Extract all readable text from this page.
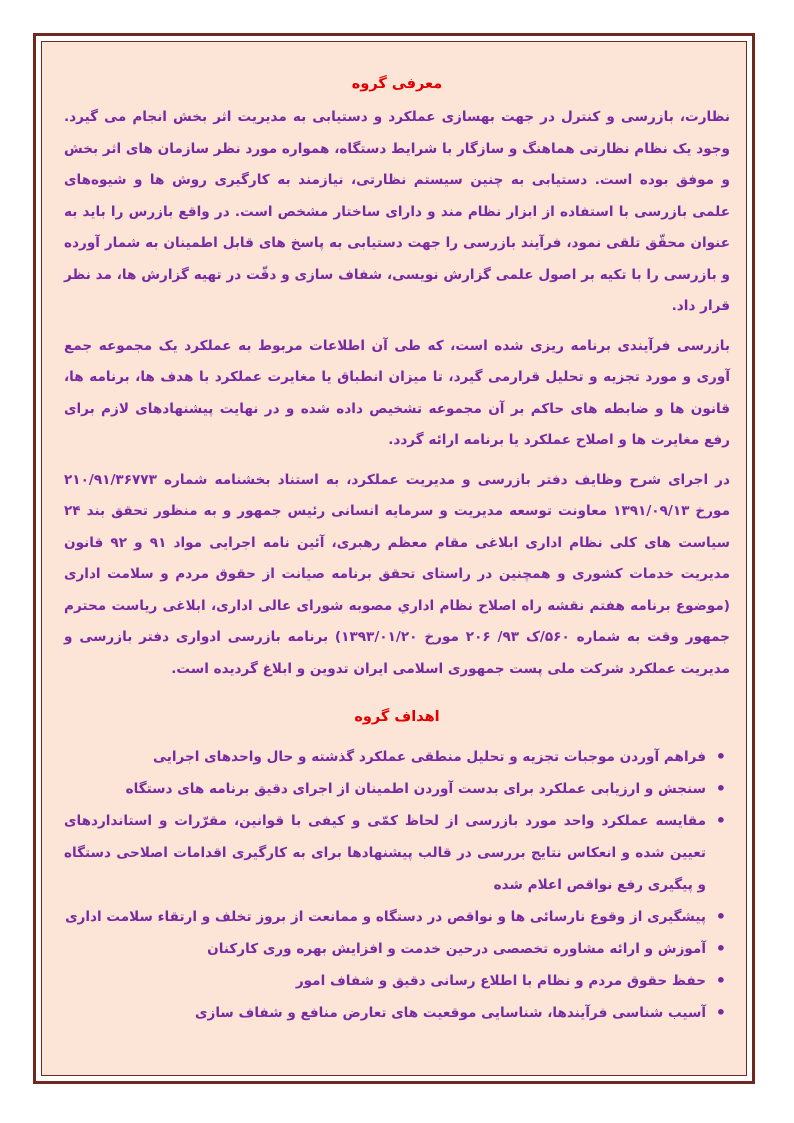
معرفی گروه

نظارت، بازرسی و کنترل در جهت بهسازی عملکرد و دستیابی به مدیریت اثر بخش انجام می گیرد. وجود یک نظام نظارتی هماهنگ و سازگار با شرایط دستگاه، همواره مورد نظر سازمان های اثر بخش و موفق بوده است. دستیابی به چنین سیستم نظارتی، نیازمند به کارگیری روش ها و شیوه‌های علمی بازرسی با استفاده از ابزار نظام مند و دارای ساختار مشخص است. در واقع بازرس را باید به عنوان محقّق تلقی نمود، فرآیند بازرسی را جهت دستیابی به پاسخ های قابل اطمینان به شمار آورده و بازرسی را با تکیه بر اصول علمی گزارش نویسی، شفاف سازی و دقّت در تهیه گزارش ها، مد نظر قرار داد.

بازرسی فرآیندی برنامه ریزی شده است، که طی آن اطلاعات مربوط به عملکرد یک مجموعه جمع آوری و مورد تجزیه و تحلیل قرارمی گیرد، تا میزان انطباق یا مغایرت عملکرد با هدف ها، برنامه ها، قانون ها و ضابطه های حاکم بر آن مجموعه تشخیص داده شده و در نهایت پیشنهادهای لازم برای رفع مغایرت ها و اصلاح عملکرد یا برنامه ارائه گردد.

در اجرای شرح وظایف دفتر بازرسی و مدیریت عملکرد، به استناد بخشنامه شماره ۲۱۰/۹۱/۳۶۷۷۳ مورخ ۱۳۹۱/۰۹/۱۳ معاونت توسعه مدیریت و سرمایه انسانی رئیس جمهور و به منظور تحقق بند ۲۴ سیاست های کلی نظام اداری ابلاغی مقام معظم رهبری، آئین نامه اجرایی مواد ۹۱ و ۹۲ قانون مدیریت خدمات کشوری و همچنین در راستای تحقق برنامه صیانت از حقوق مردم و سلامت اداری (موضوع برنامه هفتم نقشه راه اصلاح نظام اداري مصوبه شورای عالی اداری، ابلاغی ریاست محترم جمهور وقت به شماره ۵۶۰/ک ۹۳/ ۲۰۶ مورخ ۱۳۹۳/۰۱/۲۰) برنامه بازرسی ادواری دفتر بازرسی و مدیریت عملکرد شرکت ملی پست جمهوری اسلامی ایران تدوین و ابلاغ گردیده است.

اهداف گروه
•
فراهم آوردن موجبات تجزیه و تحلیل منطقی عملکرد گذشته و حال واحدهای اجرایی
•
سنجش و ارزیابی عملکرد برای بدست آوردن اطمینان از اجرای دقیق برنامه های دستگاه
•
مقایسه عملکرد واحد مورد بازرسی از لحاظ کمّی و کیفی با قوانین، مقرّرات و استانداردهای تعیین شده و انعکاس نتایج بررسی در قالب پیشنهادها برای به کارگیری اقدامات اصلاحی دستگاه و پیگیری رفع نواقص اعلام شده
•
پیشگیری از وقوع نارسائی ها و نواقص در دستگاه و ممانعت از بروز تخلف و ارتقاء سلامت اداری
•
آموزش و ارائه مشاوره تخصصی درحین خدمت و افزایش بهره وری کارکنان
•
حفظ حقوق مردم و نظام با اطلاع رسانی دقیق و شفاف امور
•
آسیب شناسی فرآیندها، شناسایی موقعیت های تعارض منافع و شفاف سازی
